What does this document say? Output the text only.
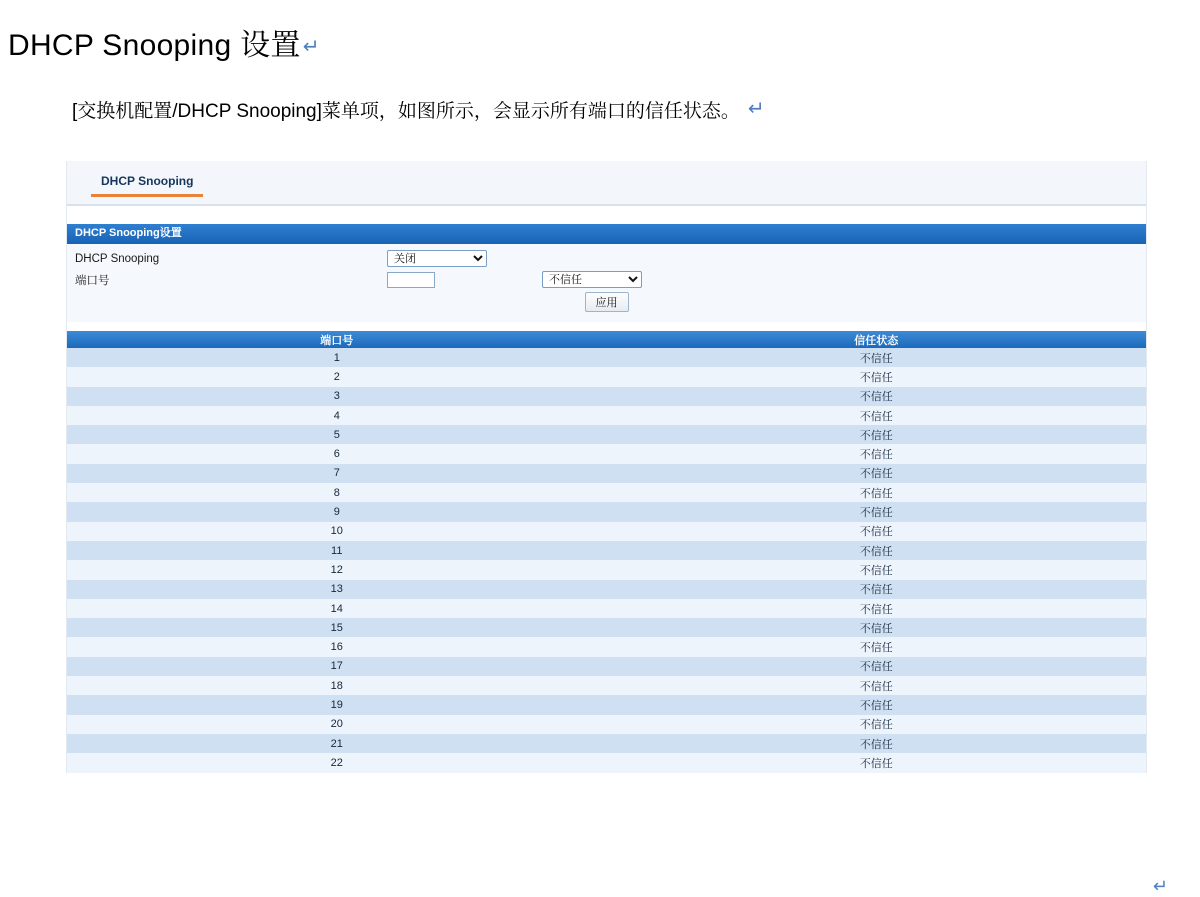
DHCP Snooping 设置 ↵

[交换机配置/DHCP Snooping]菜单项，如图所示，会显示所有端口的信任状态。 ↵

DHCP Snooping
DHCP Snooping设置
DHCP Snooping
关闭
端口号
不信任
应用
端口号	信任状态
1	不信任
2	不信任
3	不信任
4	不信任
5	不信任
6	不信任
7	不信任
8	不信任
9	不信任
10	不信任
11	不信任
12	不信任
13	不信任
14	不信任
15	不信任
16	不信任
17	不信任
18	不信任
19	不信任
20	不信任
21	不信任
22	不信任
↵
